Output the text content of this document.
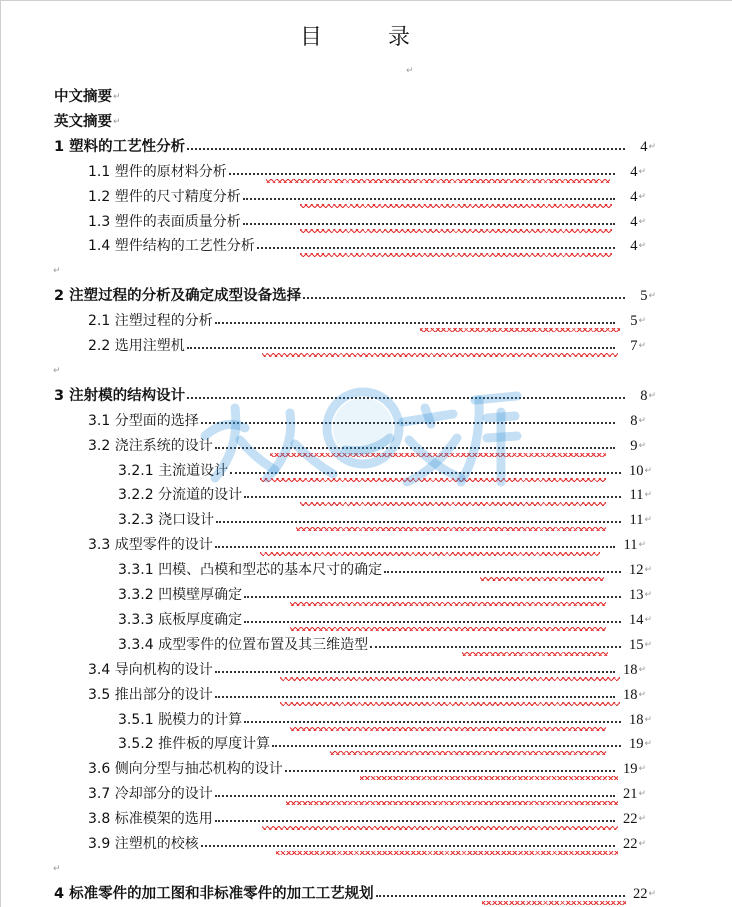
目　录
↵
中文摘要 ↵
英文摘要 ↵
1 塑料的工艺性分析	4 ↵
1.1 塑件的原材料分析	4 ↵
1.2 塑件的尺寸精度分析	4 ↵
1.3 塑件的表面质量分析	4 ↵
1.4 塑件结构的工艺性分析	4 ↵
↵
2 注塑过程的分析及确定成型设备选择	5 ↵
2.1 注塑过程的分析	5 ↵
2.2 选用注塑机	7 ↵
↵
3 注射模的结构设计	8 ↵
3.1 分型面的选择	8 ↵
3.2 浇注系统的设计	9 ↵
3.2.1 主流道设计	10 ↵
3.2.2 分流道的设计	11 ↵
3.2.3 浇口设计	11 ↵
3.3 成型零件的设计	11 ↵
3.3.1 凹模、凸模和型芯的基本尺寸的确定	12 ↵
3.3.2 凹模壁厚确定	13 ↵
3.3.3 底板厚度确定	14 ↵
3.3.4 成型零件的位置布置及其三维造型	15 ↵
3.4 导向机构的设计	18 ↵
3.5 推出部分的设计	18 ↵
3.5.1 脱模力的计算	18 ↵
3.5.2 推件板的厚度计算	19 ↵
3.6 侧向分型与抽芯机构的设计	19 ↵
3.7 冷却部分的设计	21 ↵
3.8 标准模架的选用	22 ↵
3.9 注塑机的校核	22 ↵
↵
4 标准零件的加工图和非标准零件的加工工艺规划	22 ↵
